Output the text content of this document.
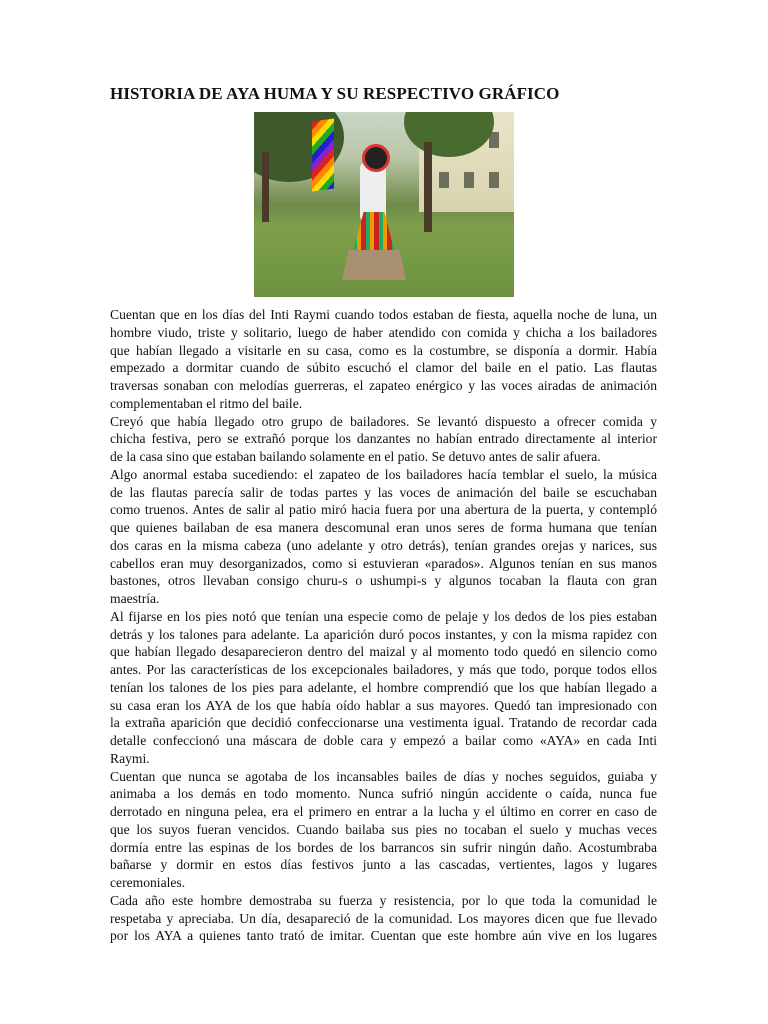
HISTORIA DE AYA HUMA Y SU RESPECTIVO GRÁFICO
Cuentan que en los días del Inti Raymi cuando todos estaban de fiesta, aquella noche de luna, un
hombre viudo, triste y solitario, luego de haber atendido con comida y chicha a los bailadores
que habían llegado a visitarle en su casa, como es la costumbre, se disponía a dormir. Había
empezado a dormitar cuando de súbito escuchó el clamor del baile en el patio. Las flautas
traversas sonaban con melodías guerreras, el zapateo enérgico y las voces airadas de animación
complementaban el ritmo del baile.
Creyó que había llegado otro grupo de bailadores. Se levantó dispuesto a ofrecer comida y
chicha festiva, pero se extrañó porque los danzantes no habían entrado directamente al interior
de la casa sino que estaban bailando solamente en el patio. Se detuvo antes de salir afuera.
Algo anormal estaba sucediendo: el zapateo de los bailadores hacía temblar el suelo, la música
de las flautas parecía salir de todas partes y las voces de animación del baile se escuchaban
como truenos. Antes de salir al patio miró hacia fuera por una abertura de la puerta, y contempló
que quienes bailaban de esa manera descomunal eran unos seres de forma humana que tenían
dos caras en la misma cabeza (uno adelante y otro detrás), tenían grandes orejas y narices, sus
cabellos eran muy desorganizados, como si estuvieran «parados». Algunos tenían en sus manos
bastones, otros llevaban consigo churu-s o ushumpi-s y algunos tocaban la flauta con gran
maestría.
Al fijarse en los pies notó que tenían una especie como de pelaje y los dedos de los pies estaban
detrás y los talones para adelante. La aparición duró pocos instantes, y con la misma rapidez con
que habían llegado desaparecieron dentro del maizal y al momento todo quedó en silencio como
antes. Por las características de los excepcionales bailadores, y más que todo, porque todos ellos
tenían los talones de los pies para adelante, el hombre comprendió que los que habían llegado a
su casa eran los AYA de los que había oído hablar a sus mayores. Quedó tan impresionado con
la extraña aparición que decidió confeccionarse una vestimenta igual. Tratando de recordar cada
detalle confeccionó una máscara de doble cara y empezó a bailar como «AYA» en cada Inti
Raymi.
Cuentan que nunca se agotaba de los incansables bailes de días y noches seguidos, guiaba y
animaba a los demás en todo momento. Nunca sufrió ningún accidente o caída, nunca fue
derrotado en ninguna pelea, era el primero en entrar a la lucha y el último en correr en caso de
que los suyos fueran vencidos. Cuando bailaba sus pies no tocaban el suelo y muchas veces
dormía entre las espinas de los bordes de los barrancos sin sufrir ningún daño. Acostumbraba
bañarse y dormir en estos días festivos junto a las cascadas, vertientes, lagos y lugares
ceremoniales.
Cada año este hombre demostraba su fuerza y resistencia, por lo que toda la comunidad le
respetaba y apreciaba. Un día, desapareció de la comunidad. Los mayores dicen que fue llevado
por los AYA a quienes tanto trató de imitar. Cuentan que este hombre aún vive en los lugares
